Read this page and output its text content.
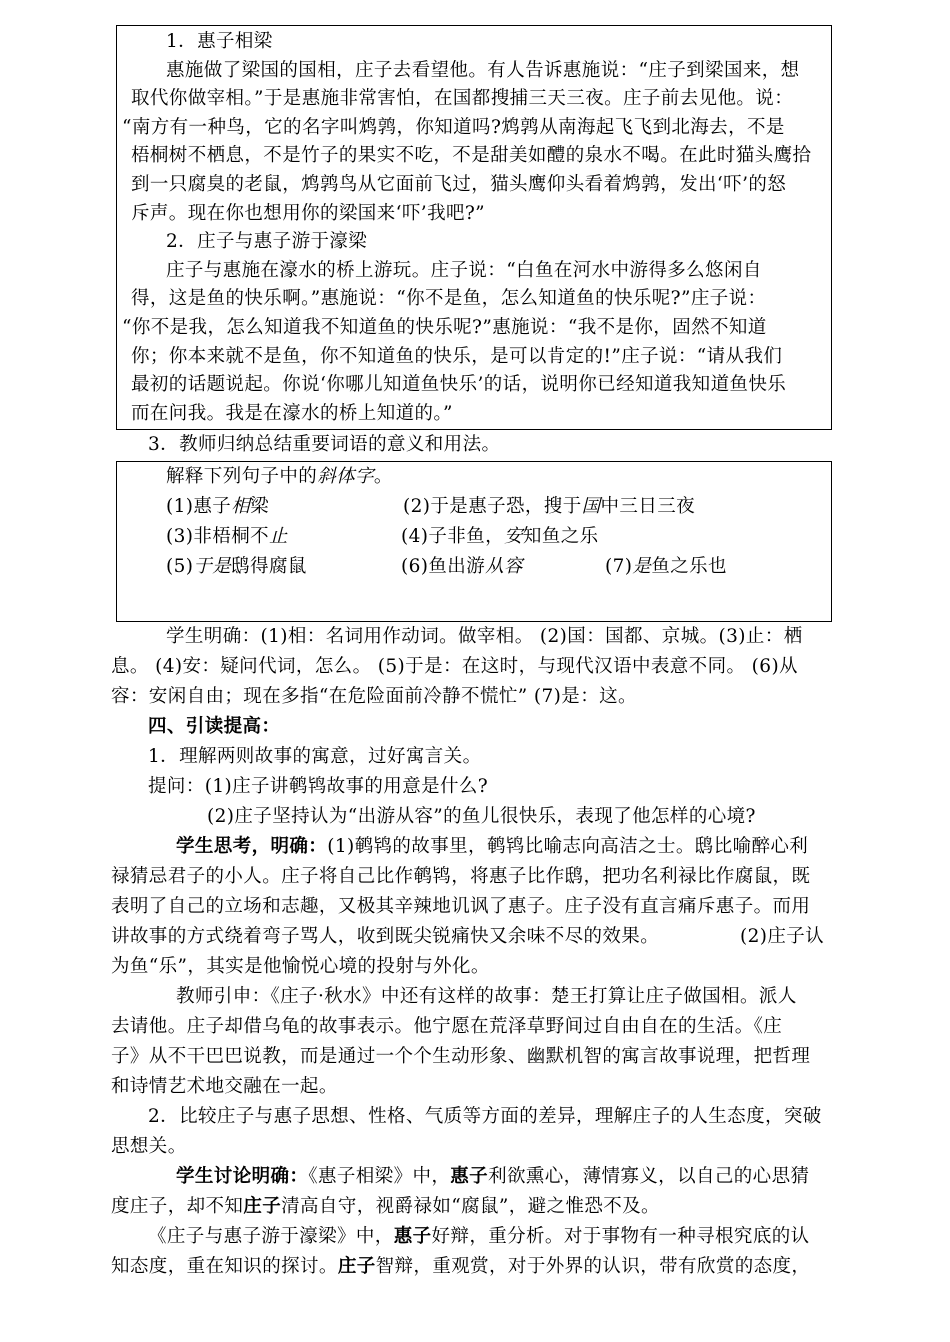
1．惠子相梁
惠施做了梁国的国相，庄子去看望他。有人告诉惠施说：“庄子到梁国来，想
取代你做宰相。”于是惠施非常害怕，在国都搜捕三天三夜。庄子前去见他。说：
“南方有一种鸟，它的名字叫鸩鹑，你知道吗?鸩鹑从南海起飞飞到北海去，不是
梧桐树不栖息，不是竹子的果实不吃，不是甜美如醴的泉水不喝。在此时猫头鹰拾
到一只腐臭的老鼠，鸩鹑鸟从它面前飞过，猫头鹰仰头看着鸩鹑，发出‘吓’的怒
斥声。现在你也想用你的梁国来‘吓’我吧?”
2．庄子与惠子游于濠梁
庄子与惠施在濠水的桥上游玩。庄子说：“白鱼在河水中游得多么悠闲自
得，这是鱼的快乐啊。”惠施说：“你不是鱼，怎么知道鱼的快乐呢?”庄子说：
“你不是我，怎么知道我不知道鱼的快乐呢?”惠施说：“我不是你，固然不知道
你；你本来就不是鱼，你不知道鱼的快乐，是可以肯定的!”庄子说：“请从我们
最初的话题说起。你说‘你哪儿知道鱼快乐’的话，说明你已经知道我知道鱼快乐
而在问我。我是在濠水的桥上知道的。”
3．教师归纳总结重要词语的意义和用法。
解释下列句子中的斜体字。
(1)惠子相梁	(2)于是惠子恐，搜于国中三日三夜
(3)非梧桐不止	(4)子非鱼，安知鱼之乐
(5)于是鸱得腐鼠	(6)鱼出游从容	(7)是鱼之乐也
学生明确：(1)相：名词用作动词。做宰相。 (2)国：国都、京城。(3)止：栖
息。 (4)安：疑问代词，怎么。 (5)于是：在这时，与现代汉语中表意不同。 (6)从
容：安闲自由；现在多指“在危险面前冷静不慌忙” (7)是：这。
四、引读提高：
1．理解两则故事的寓意，过好寓言关。
提问：(1)庄子讲鹌鸨故事的用意是什么?
(2)庄子坚持认为“出游从容”的鱼儿很快乐，表现了他怎样的心境?
学生思考，明确：(1)鹌鸨的故事里，鹌鸨比喻志向高洁之士。鸱比喻醉心利
禄猜忌君子的小人。庄子将自己比作鹌鸨，将惠子比作鸱，把功名利禄比作腐鼠，既
表明了自己的立场和志趣，又极其辛辣地讥讽了惠子。庄子没有直言痛斥惠子。而用
讲故事的方式绕着弯子骂人，收到既尖锐痛快又余味不尽的效果。	(2)庄子认
为鱼“乐”，其实是他愉悦心境的投射与外化。
教师引申：《庄子·秋水》中还有这样的故事：楚王打算让庄子做国相。派人
去请他。庄子却借乌龟的故事表示。他宁愿在荒泽草野间过自由自在的生活。《庄
子》从不干巴巴说教，而是通过一个个生动形象、幽默机智的寓言故事说理，把哲理
和诗情艺术地交融在一起。
2．比较庄子与惠子思想、性格、气质等方面的差异，理解庄子的人生态度，突破
思想关。
学生讨论明确：《惠子相梁》中，惠子利欲熏心，薄情寡义，以自己的心思猜
度庄子，却不知庄子清高自守，视爵禄如“腐鼠”，避之惟恐不及。
《庄子与惠子游于濠梁》中，惠子好辩，重分析。对于事物有一种寻根究底的认
知态度，重在知识的探讨。庄子智辩，重观赏，对于外界的认识，带有欣赏的态度，
